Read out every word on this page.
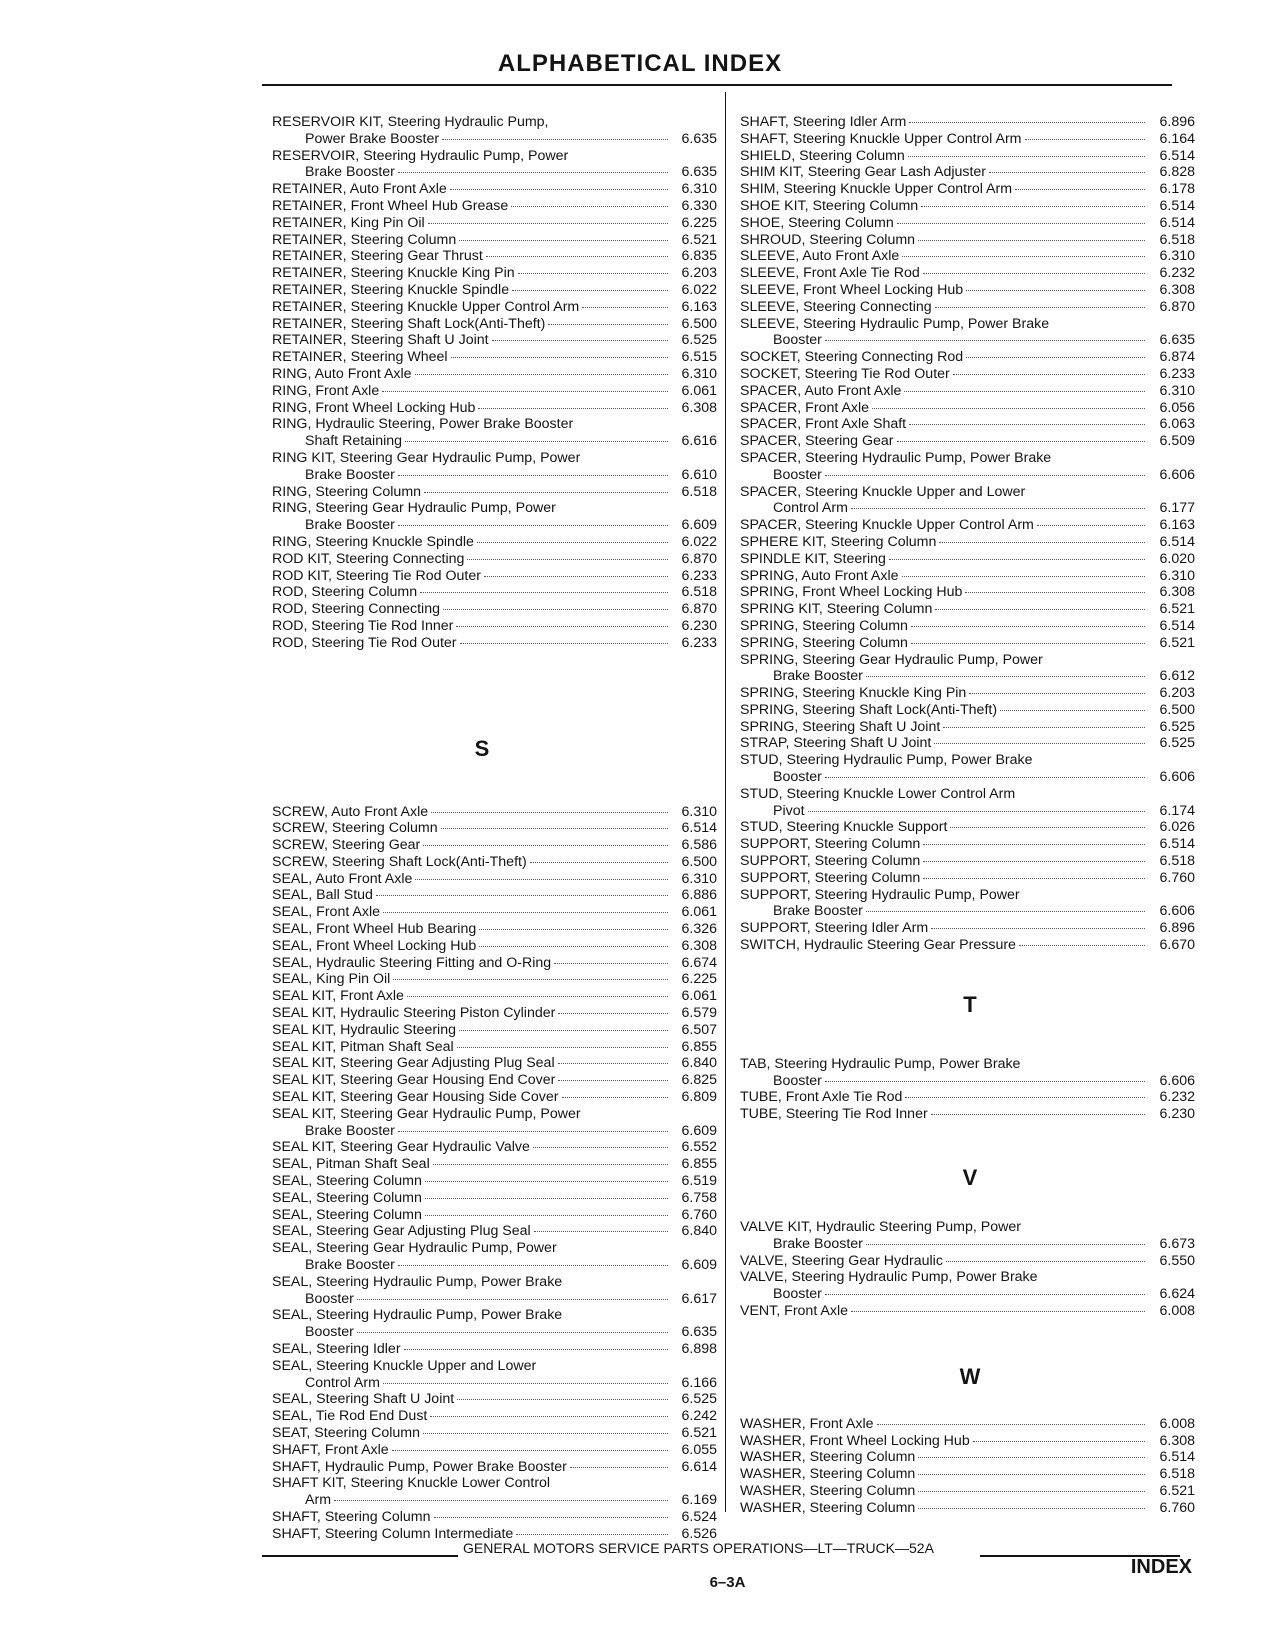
ALPHABETICAL INDEX
RESERVOIR KIT, Steering Hydraulic Pump,
Power Brake Booster	6.635
RESERVOIR, Steering Hydraulic Pump, Power
Brake Booster	6.635
RETAINER, Auto Front Axle	6.310
RETAINER, Front Wheel Hub Grease	6.330
RETAINER, King Pin Oil	6.225
RETAINER, Steering Column	6.521
RETAINER, Steering Gear Thrust	6.835
RETAINER, Steering Knuckle King Pin	6.203
RETAINER, Steering Knuckle Spindle	6.022
RETAINER, Steering Knuckle Upper Control Arm	6.163
RETAINER, Steering Shaft Lock(Anti-Theft)	6.500
RETAINER, Steering Shaft U Joint	6.525
RETAINER, Steering Wheel	6.515
RING, Auto Front Axle	6.310
RING, Front Axle	6.061
RING, Front Wheel Locking Hub	6.308
RING, Hydraulic Steering, Power Brake Booster
Shaft Retaining	6.616
RING KIT, Steering Gear Hydraulic Pump, Power
Brake Booster	6.610
RING, Steering Column	6.518
RING, Steering Gear Hydraulic Pump, Power
Brake Booster	6.609
RING, Steering Knuckle Spindle	6.022
ROD KIT, Steering Connecting	6.870
ROD KIT, Steering Tie Rod Outer	6.233
ROD, Steering Column	6.518
ROD, Steering Connecting	6.870
ROD, Steering Tie Rod Inner	6.230
ROD, Steering Tie Rod Outer	6.233
S
SCREW, Auto Front Axle	6.310
SCREW, Steering Column	6.514
SCREW, Steering Gear	6.586
SCREW, Steering Shaft Lock(Anti-Theft)	6.500
SEAL, Auto Front Axle	6.310
SEAL, Ball Stud	6.886
SEAL, Front Axle	6.061
SEAL, Front Wheel Hub Bearing	6.326
SEAL, Front Wheel Locking Hub	6.308
SEAL, Hydraulic Steering Fitting and O-Ring	6.674
SEAL, King Pin Oil	6.225
SEAL KIT, Front Axle	6.061
SEAL KIT, Hydraulic Steering Piston Cylinder	6.579
SEAL KIT, Hydraulic Steering	6.507
SEAL KIT, Pitman Shaft Seal	6.855
SEAL KIT, Steering Gear Adjusting Plug Seal	6.840
SEAL KIT, Steering Gear Housing End Cover	6.825
SEAL KIT, Steering Gear Housing Side Cover	6.809
SEAL KIT, Steering Gear Hydraulic Pump, Power
Brake Booster	6.609
SEAL KIT, Steering Gear Hydraulic Valve	6.552
SEAL, Pitman Shaft Seal	6.855
SEAL, Steering Column	6.519
SEAL, Steering Column	6.758
SEAL, Steering Column	6.760
SEAL, Steering Gear Adjusting Plug Seal	6.840
SEAL, Steering Gear Hydraulic Pump, Power
Brake Booster	6.609
SEAL, Steering Hydraulic Pump, Power Brake
Booster	6.617
SEAL, Steering Hydraulic Pump, Power Brake
Booster	6.635
SEAL, Steering Idler	6.898
SEAL, Steering Knuckle Upper and Lower
Control Arm	6.166
SEAL, Steering Shaft U Joint	6.525
SEAL, Tie Rod End Dust	6.242
SEAT, Steering Column	6.521
SHAFT, Front Axle	6.055
SHAFT, Hydraulic Pump, Power Brake Booster	6.614
SHAFT KIT, Steering Knuckle Lower Control
Arm	6.169
SHAFT, Steering Column	6.524
SHAFT, Steering Column Intermediate	6.526
SHAFT, Steering Idler Arm	6.896
SHAFT, Steering Knuckle Upper Control Arm	6.164
SHIELD, Steering Column	6.514
SHIM KIT, Steering Gear Lash Adjuster	6.828
SHIM, Steering Knuckle Upper Control Arm	6.178
SHOE KIT, Steering Column	6.514
SHOE, Steering Column	6.514
SHROUD, Steering Column	6.518
SLEEVE, Auto Front Axle	6.310
SLEEVE, Front Axle Tie Rod	6.232
SLEEVE, Front Wheel Locking Hub	6.308
SLEEVE, Steering Connecting	6.870
SLEEVE, Steering Hydraulic Pump, Power Brake
Booster	6.635
SOCKET, Steering Connecting Rod	6.874
SOCKET, Steering Tie Rod Outer	6.233
SPACER, Auto Front Axle	6.310
SPACER, Front Axle	6.056
SPACER, Front Axle Shaft	6.063
SPACER, Steering Gear	6.509
SPACER, Steering Hydraulic Pump, Power Brake
Booster	6.606
SPACER, Steering Knuckle Upper and Lower
Control Arm	6.177
SPACER, Steering Knuckle Upper Control Arm	6.163
SPHERE KIT, Steering Column	6.514
SPINDLE KIT, Steering	6.020
SPRING, Auto Front Axle	6.310
SPRING, Front Wheel Locking Hub	6.308
SPRING KIT, Steering Column	6.521
SPRING, Steering Column	6.514
SPRING, Steering Column	6.521
SPRING, Steering Gear Hydraulic Pump, Power
Brake Booster	6.612
SPRING, Steering Knuckle King Pin	6.203
SPRING, Steering Shaft Lock(Anti-Theft)	6.500
SPRING, Steering Shaft U Joint	6.525
STRAP, Steering Shaft U Joint	6.525
STUD, Steering Hydraulic Pump, Power Brake
Booster	6.606
STUD, Steering Knuckle Lower Control Arm
Pivot	6.174
STUD, Steering Knuckle Support	6.026
SUPPORT, Steering Column	6.514
SUPPORT, Steering Column	6.518
SUPPORT, Steering Column	6.760
SUPPORT, Steering Hydraulic Pump, Power
Brake Booster	6.606
SUPPORT, Steering Idler Arm	6.896
SWITCH, Hydraulic Steering Gear Pressure	6.670
T
TAB, Steering Hydraulic Pump, Power Brake
Booster	6.606
TUBE, Front Axle Tie Rod	6.232
TUBE, Steering Tie Rod Inner	6.230
V
VALVE KIT, Hydraulic Steering Pump, Power
Brake Booster	6.673
VALVE, Steering Gear Hydraulic	6.550
VALVE, Steering Hydraulic Pump, Power Brake
Booster	6.624
VENT, Front Axle	6.008
W
WASHER, Front Axle	6.008
WASHER, Front Wheel Locking Hub	6.308
WASHER, Steering Column	6.514
WASHER, Steering Column	6.518
WASHER, Steering Column	6.521
WASHER, Steering Column	6.760
GENERAL MOTORS SERVICE PARTS OPERATIONS—LT—TRUCK—52A
INDEX
6–3A
